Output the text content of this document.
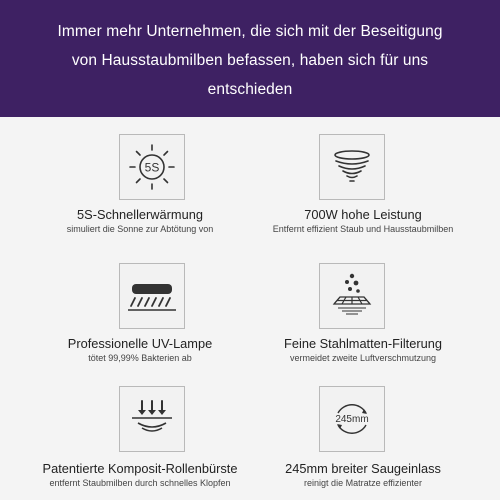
Immer mehr Unternehmen, die sich mit der Beseitigung
von Hausstaubmilben befassen, haben sich für uns
entschieden
5S
5S-Schnellerwärmung
simuliert die Sonne zur Abtötung von
700W hohe Leistung
Entfernt effizient Staub und Hausstaubmilben
Professionelle UV-Lampe
tötet 99,99% Bakterien ab
Feine Stahlmatten-Filterung
vermeidet zweite Luftverschmutzung
Patentierte Komposit-Rollenbürste
entfernt Staubmilben durch schnelles Klopfen
245mm
245mm breiter Saugeinlass
reinigt die Matratze effizienter
